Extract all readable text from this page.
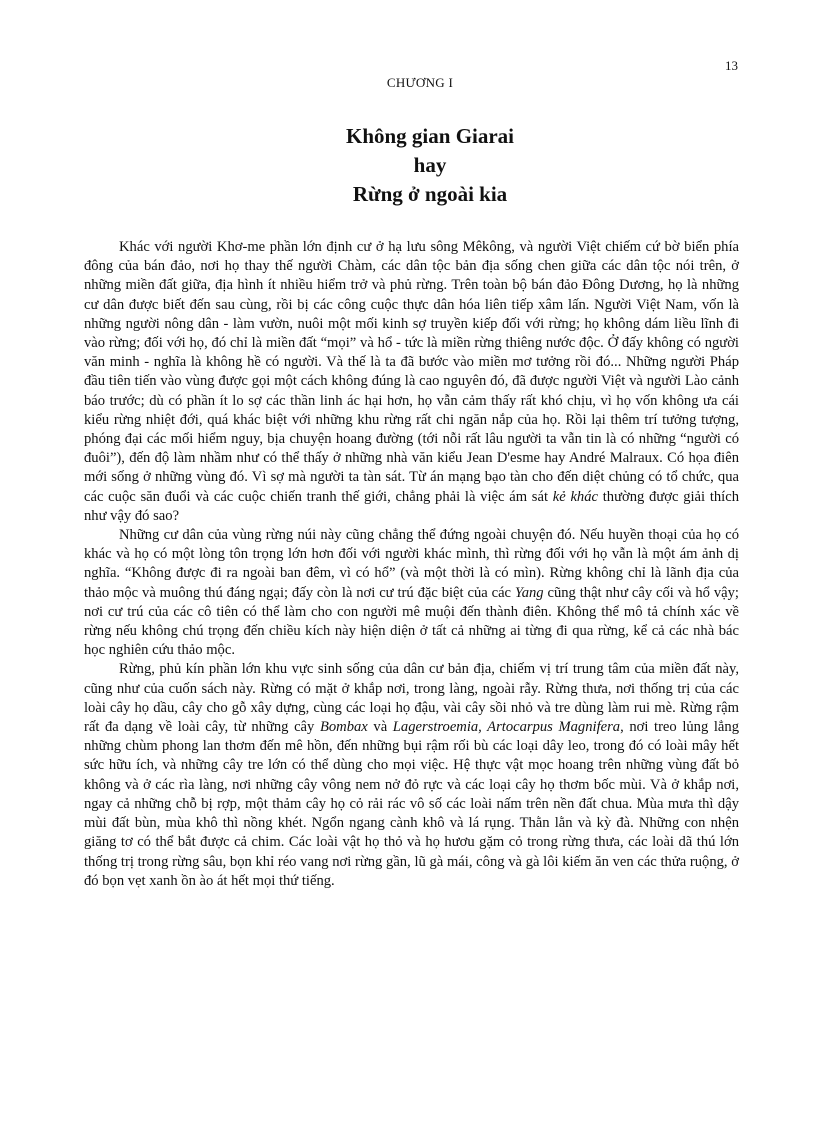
13
CHƯƠNG I
Không gian Giarai
hay
Rừng ở ngoài kia

Khác với người Khơ-me phần lớn định cư ở hạ lưu sông Mêkông, và người Việt chiếm cứ bờ biển phía đông của bán đảo, nơi họ thay thế người Chàm, các dân tộc bản địa sống chen giữa các dân tộc nói trên, ở những miền đất giữa, địa hình ít nhiều hiểm trở và phủ rừng. Trên toàn bộ bán đảo Đông Dương, họ là những cư dân được biết đến sau cùng, rồi bị các công cuộc thực dân hóa liên tiếp xâm lấn. Người Việt Nam, vốn là những người nông dân - làm vườn, nuôi một mối kinh sợ truyền kiếp đối với rừng; họ không dám liều lĩnh đi vào rừng; đối với họ, đó chỉ là miền đất “mọi” và hổ - tức là miền rừng thiêng nước độc. Ở đấy không có người văn minh - nghĩa là không hề có người. Và thế là ta đã bước vào miền mơ tưởng rồi đó... Những người Pháp đầu tiên tiến vào vùng được gọi một cách không đúng là cao nguyên đó, đã được người Việt và người Lào cảnh báo trước; dù có phần ít lo sợ các thần linh ác hại hơn, họ vẫn cảm thấy rất khó chịu, vì họ vốn không ưa cái kiểu rừng nhiệt đới, quá khác biệt với những khu rừng rất chi ngăn nắp của họ. Rồi lại thêm trí tưởng tượng, phóng đại các mối hiểm nguy, bịa chuyện hoang đường (tới nỗi rất lâu người ta vẫn tin là có những “người có đuôi”), đến độ làm nhầm như có thể thấy ở những nhà văn kiểu Jean D'esme hay André Malraux. Có họa điên mới sống ở những vùng đó. Vì sợ mà người ta tàn sát. Từ án mạng bạo tàn cho đến diệt chủng có tổ chức, qua các cuộc săn đuổi và các cuộc chiến tranh thế giới, chẳng phải là việc ám sát kẻ khác thường được giải thích như vậy đó sao?

Những cư dân của vùng rừng núi này cũng chẳng thể đứng ngoài chuyện đó. Nếu huyền thoại của họ có khác và họ có một lòng tôn trọng lớn hơn đối với người khác mình, thì rừng đối với họ vẫn là một ám ảnh dị nghĩa. “Không được đi ra ngoài ban đêm, vì có hổ” (và một thời là có mìn). Rừng không chỉ là lãnh địa của thảo mộc và muông thú đáng ngại; đấy còn là nơi cư trú đặc biệt của các Yang cũng thật như cây cối và hổ vậy; nơi cư trú của các cô tiên có thể làm cho con người mê muội đến thành điên. Không thể mô tả chính xác về rừng nếu không chú trọng đến chiều kích này hiện diện ở tất cả những ai từng đi qua rừng, kể cả các nhà bác học nghiên cứu thảo mộc.

Rừng, phủ kín phần lớn khu vực sinh sống của dân cư bản địa, chiếm vị trí trung tâm của miền đất này, cũng như của cuốn sách này. Rừng có mặt ở khắp nơi, trong làng, ngoài rẫy. Rừng thưa, nơi thống trị của các loài cây họ dầu, cây cho gỗ xây dựng, cùng các loại họ đậu, vài cây sồi nhỏ và tre dùng làm rui mè. Rừng rậm rất đa dạng về loài cây, từ những cây Bombax và Lagerstroemia, Artocarpus Magnifera, nơi treo lủng lẳng những chùm phong lan thơm đến mê hồn, đến những bụi rậm rối bù các loại dây leo, trong đó có loài mây hết sức hữu ích, và những cây tre lớn có thể dùng cho mọi việc. Hệ thực vật mọc hoang trên những vùng đất bỏ không và ở các rìa làng, nơi những cây vông nem nở đỏ rực và các loại cây họ thơm bốc mùi. Và ở khắp nơi, ngay cả những chỗ bị rợp, một thảm cây họ cỏ rải rác vô số các loài nấm trên nền đất chua. Mùa mưa thì dậy mùi đất bùn, mùa khô thì nồng khét. Ngổn ngang cành khô và lá rụng. Thằn lằn và kỳ đà. Những con nhện giăng tơ có thể bắt được cả chim. Các loài vật họ thỏ và họ hươu gặm cỏ trong rừng thưa, các loài dã thú lớn thống trị trong rừng sâu, bọn khỉ réo vang nơi rừng gần, lũ gà mái, công và gà lôi kiếm ăn ven các thửa ruộng, ở đó bọn vẹt xanh ồn ào át hết mọi thứ tiếng.
